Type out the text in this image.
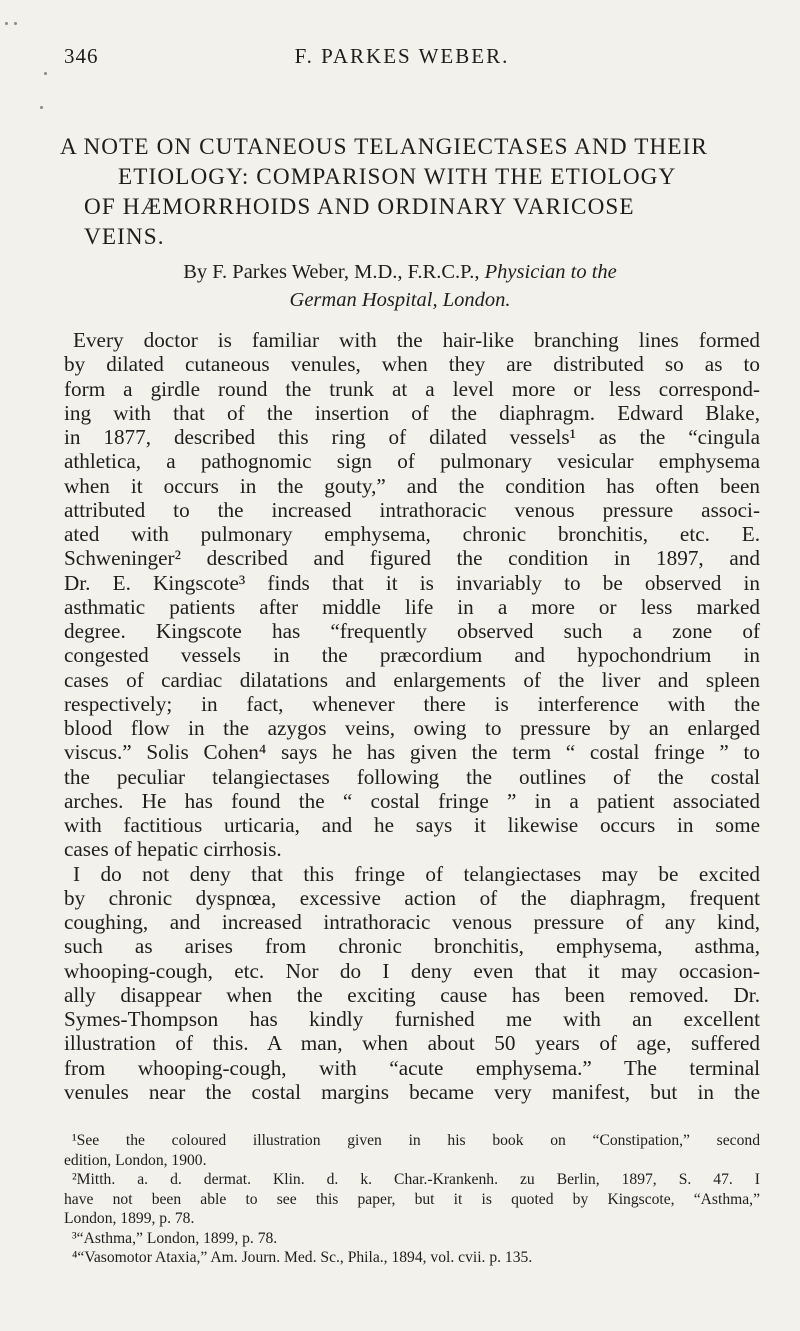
346	F. PARKES WEBER.
A NOTE ON CUTANEOUS TELANGIECTASES AND THEIR
ETIOLOGY: COMPARISON WITH THE ETIOLOGY
OF HÆMORRHOIDS AND ORDINARY VARICOSE
VEINS.
By F. Parkes Weber, M.D., F.R.C.P., Physician to the
German Hospital, London.
Every doctor is familiar with the hair-like branching lines formed
by dilated cutaneous venules, when they are distributed so as to
form a girdle round the trunk at a level more or less correspond-
ing with that of the insertion of the diaphragm. Edward Blake,
in 1877, described this ring of dilated vessels¹ as the “cingula
athletica, a pathognomic sign of pulmonary vesicular emphysema
when it occurs in the gouty,” and the condition has often been
attributed to the increased intrathoracic venous pressure associ-
ated with pulmonary emphysema, chronic bronchitis, etc. E.
Schweninger² described and figured the condition in 1897, and
Dr. E. Kingscote³ finds that it is invariably to be observed in
asthmatic patients after middle life in a more or less marked
degree. Kingscote has “frequently observed such a zone of
congested vessels in the præcordium and hypochondrium in
cases of cardiac dilatations and enlargements of the liver and spleen
respectively; in fact, whenever there is interference with the
blood flow in the azygos veins, owing to pressure by an enlarged
viscus.” Solis Cohen⁴ says he has given the term “ costal fringe ” to
the peculiar telangiectases following the outlines of the costal
arches. He has found the “ costal fringe ” in a patient associated
with factitious urticaria, and he says it likewise occurs in some
cases of hepatic cirrhosis.
I do not deny that this fringe of telangiectases may be excited
by chronic dyspnœa, excessive action of the diaphragm, frequent
coughing, and increased intrathoracic venous pressure of any kind,
such as arises from chronic bronchitis, emphysema, asthma,
whooping-cough, etc. Nor do I deny even that it may occasion-
ally disappear when the exciting cause has been removed. Dr.
Symes-Thompson has kindly furnished me with an excellent
illustration of this. A man, when about 50 years of age, suffered
from whooping-cough, with “acute emphysema.” The terminal
venules near the costal margins became very manifest, but in the
¹See the coloured illustration given in his book on “Constipation,” second
edition, London, 1900.
²Mitth. a. d. dermat. Klin. d. k. Char.-Krankenh. zu Berlin, 1897, S. 47. I
have not been able to see this paper, but it is quoted by Kingscote, “Asthma,”
London, 1899, p. 78.
³“Asthma,” London, 1899, p. 78.
⁴“Vasomotor Ataxia,” Am. Journ. Med. Sc., Phila., 1894, vol. cvii. p. 135.
